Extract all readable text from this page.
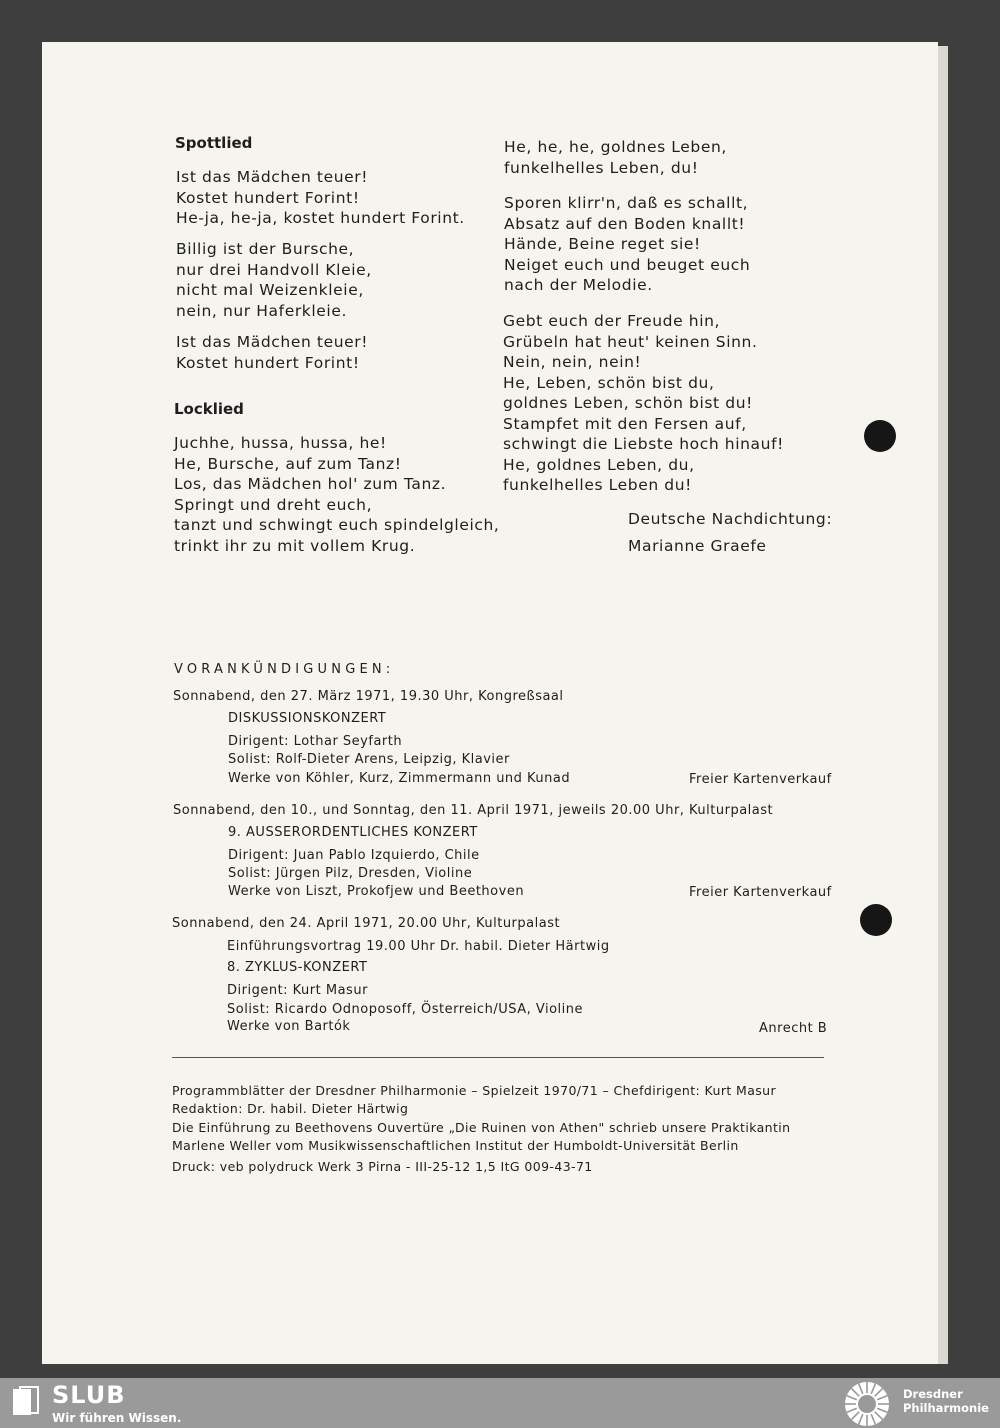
Spottlied

Ist das Mädchen teuer!
Kostet hundert Forint!
He-ja, he-ja, kostet hundert Forint.

Billig ist der Bursche,
nur drei Handvoll Kleie,
nicht mal Weizenkleie,
nein, nur Haferkleie.

Ist das Mädchen teuer!
Kostet hundert Forint!

Locklied

Juchhe, hussa, hussa, he!
He, Bursche, auf zum Tanz!
Los, das Mädchen hol' zum Tanz.
Springt und dreht euch,
tanzt und schwingt euch spindelgleich,
trinkt ihr zu mit vollem Krug.

He, he, he, goldnes Leben,
funkelhelles Leben, du!

Sporen klirr'n, daß es schallt,
Absatz auf den Boden knallt!
Hände, Beine reget sie!
Neiget euch und beuget euch
nach der Melodie.

Gebt euch der Freude hin,
Grübeln hat heut' keinen Sinn.
Nein, nein, nein!
He, Leben, schön bist du,
goldnes Leben, schön bist du!
Stampfet mit den Fersen auf,
schwingt die Liebste hoch hinauf!
He, goldnes Leben, du,
funkelhelles Leben du!

Deutsche Nachdichtung:

Marianne Graefe

VORANKÜNDIGUNGEN:
Sonnabend, den 27. März 1971, 19.30 Uhr, Kongreßsaal
DISKUSSIONSKONZERT
Dirigent: Lothar Seyfarth
Solist: Rolf-Dieter Arens, Leipzig, Klavier
Werke von Köhler, Kurz, Zimmermann und Kunad	Freier Kartenverkauf
Sonnabend, den 10., und Sonntag, den 11. April 1971, jeweils 20.00 Uhr, Kulturpalast
9. AUSSERORDENTLICHES KONZERT
Dirigent: Juan Pablo Izquierdo, Chile
Solist: Jürgen Pilz, Dresden, Violine
Werke von Liszt, Prokofjew und Beethoven	Freier Kartenverkauf
Sonnabend, den 24. April 1971, 20.00 Uhr, Kulturpalast
Einführungsvortrag 19.00 Uhr Dr. habil. Dieter Härtwig
8. ZYKLUS-KONZERT
Dirigent: Kurt Masur
Solist: Ricardo Odnoposoff, Österreich/USA, Violine
Werke von Bartók	Anrecht B
Programmblätter der Dresdner Philharmonie – Spielzeit 1970/71 – Chefdirigent: Kurt Masur
Redaktion: Dr. habil. Dieter Härtwig
Die Einführung zu Beethovens Ouvertüre „Die Ruinen von Athen" schrieb unsere Praktikantin
Marlene Weller vom Musikwissenschaftlichen Institut der Humboldt-Universität Berlin
Druck: veb polydruck Werk 3 Pirna - III-25-12 1,5 ItG 009-43-71
SLUB
Wir führen Wissen.
Dresdner
Philharmonie
